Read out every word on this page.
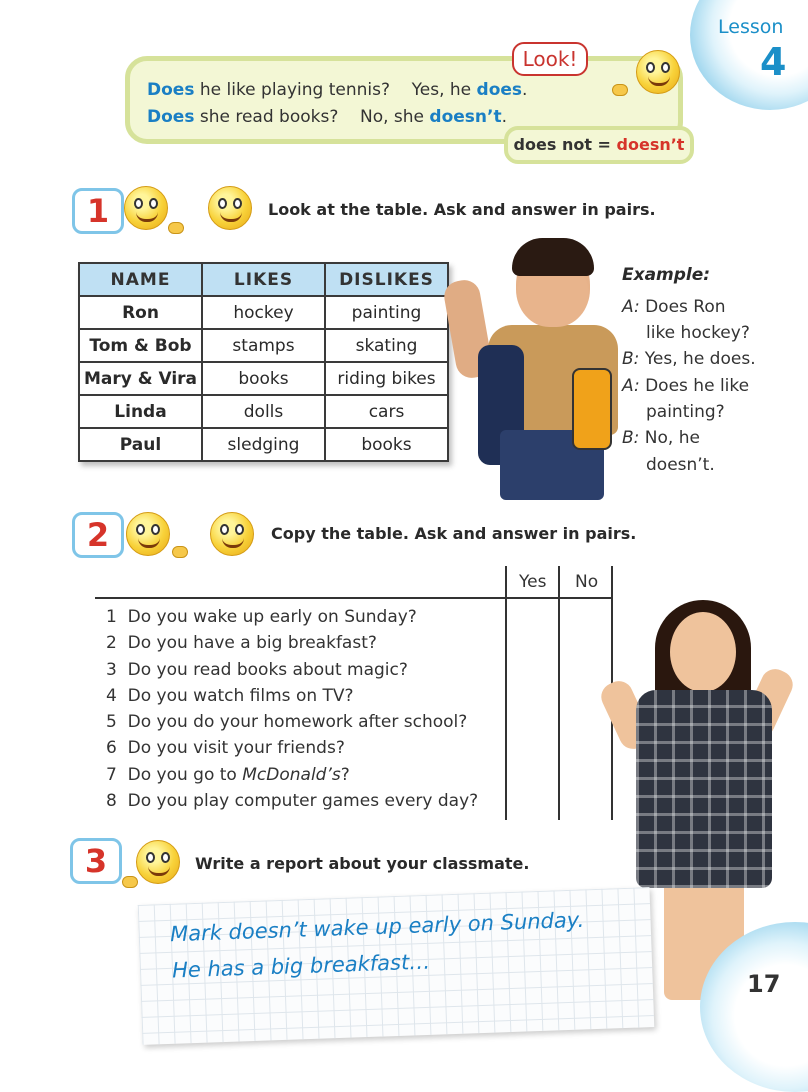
Lesson
4
Does he like playing tennis? Yes, he does.
Does she read books? No, she doesn’t.
Look!
does not = doesn’t
1	Look at the table. Ask and answer in pairs.
NAME	LIKES	DISLIKES
Ron	hockey	painting
Tom & Bob	stamps	skating
Mary & Vira	books	riding bikes
Linda	dolls	cars
Paul	sledging	books
Example:
A: Does Ron
like hockey?
B: Yes, he does.
A: Does he like
painting?
B: No, he
doesn’t.
2	Copy the table. Ask and answer in pairs.
Yes No
1 Do you wake up early on Sunday?
2 Do you have a big breakfast?
3 Do you read books about magic?
4 Do you watch films on TV?
5 Do you do your homework after school?
6 Do you visit your friends?
7 Do you go to McDonald’s?
8 Do you play computer games every day?
3	Write a report about your classmate.
Mark doesn’t wake up early on Sunday.
He has a big breakfast…
17
